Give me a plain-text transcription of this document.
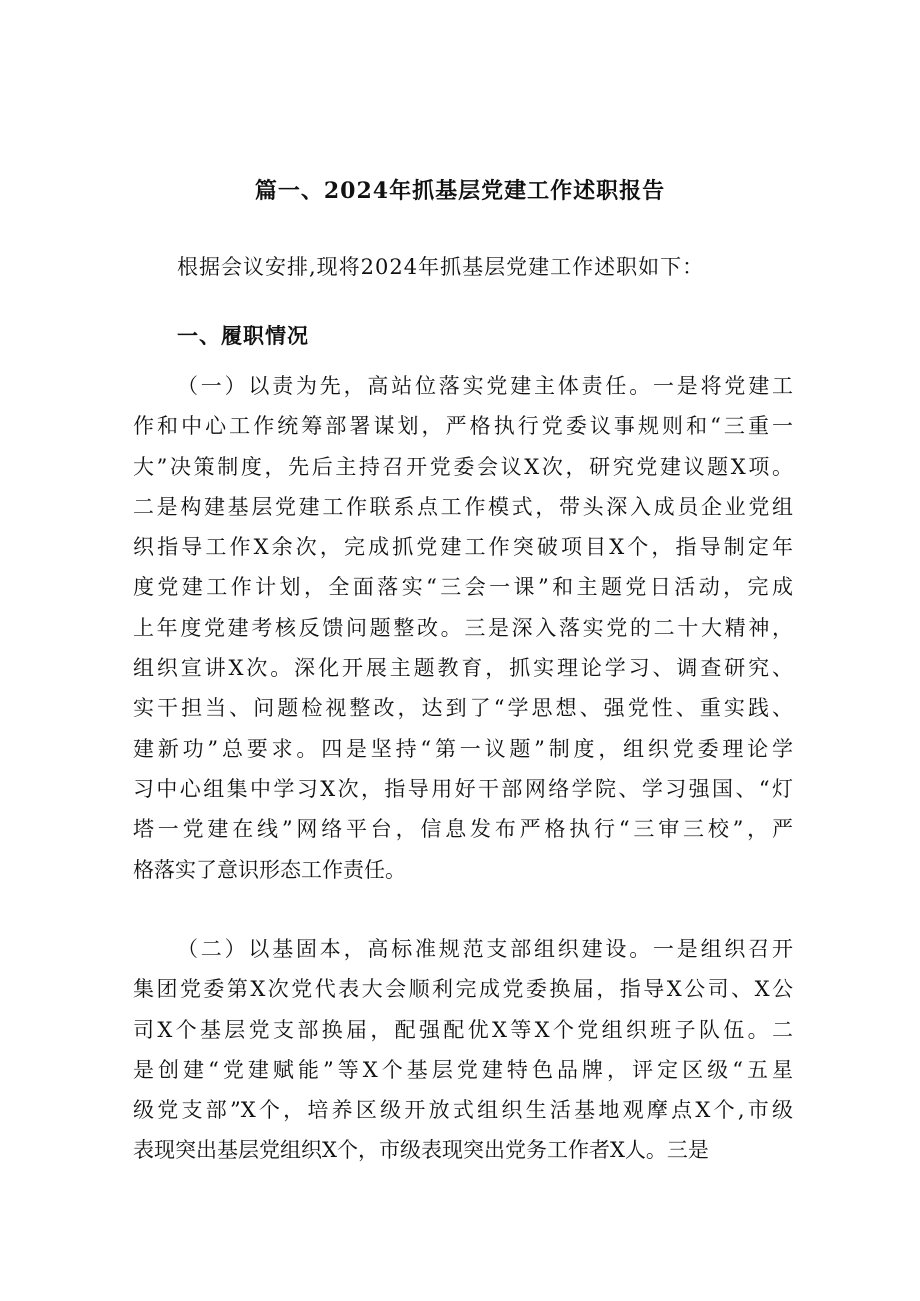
篇一、2024年抓基层党建工作述职报告
根据会议安排,现将2024年抓基层党建工作述职如下：
一、履职情况
（一）以责为先，高站位落实党建主体责任。一是将党建工
作和中心工作统筹部署谋划，严格执行党委议事规则和“三重一
大”决策制度，先后主持召开党委会议X次，研究党建议题X项。
二是构建基层党建工作联系点工作模式，带头深入成员企业党组
织指导工作X余次，完成抓党建工作突破项目X个，指导制定年
度党建工作计划，全面落实“三会一课”和主题党日活动，完成
上年度党建考核反馈问题整改。三是深入落实党的二十大精神，
组织宣讲X次。深化开展主题教育，抓实理论学习、调查研究、
实干担当、问题检视整改，达到了“学思想、强党性、重实践、
建新功”总要求。四是坚持“第一议题”制度，组织党委理论学
习中心组集中学习X次，指导用好干部网络学院、学习强国、“灯
塔一党建在线”网络平台，信息发布严格执行“三审三校”，严
格落实了意识形态工作责任。
（二）以基固本，高标准规范支部组织建设。一是组织召开
集团党委第X次党代表大会顺利完成党委换届，指导X公司、X公
司X个基层党支部换届，配强配优X等X个党组织班子队伍。二
是创建“党建赋能”等X个基层党建特色品牌，评定区级“五星
级党支部”X个，培养区级开放式组织生活基地观摩点X个,市级
表现突出基层党组织X个，市级表现突出党务工作者X人。三是
